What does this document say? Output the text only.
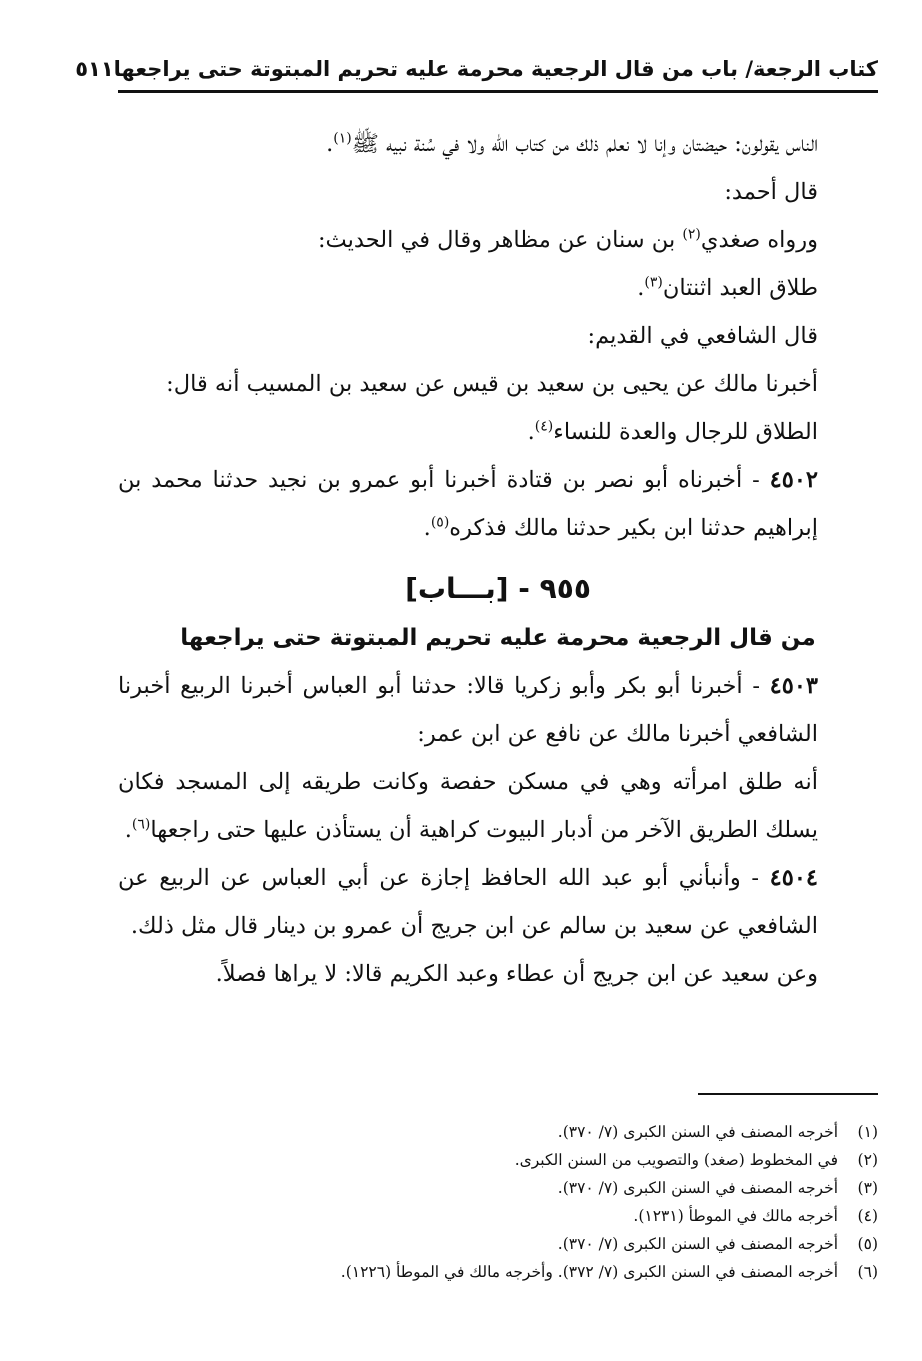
كتاب الرجعة/ باب من قال الرجعية محرمة عليه تحريم المبتوتة حتى يراجعها
٥١١

الناس يقولون: حيضتان وإنا لا نعلم ذلك من كتاب الله ولا في سُنة نبيه ﷺ$^{(١)}$.

قال أحمد:

ورواه صغدي$^{(٢)}$ بن سنان عن مظاهر وقال في الحديث:

طلاق العبد اثنتان$^{(٣)}$.

قال الشافعي في القديم:

أخبرنا مالك عن يحيى بن سعيد بن قيس عن سعيد بن المسيب أنه قال:

الطلاق للرجال والعدة للنساء$^{(٤)}$.

٤٥٠٢ - أخبرناه أبو نصر بن قتادة أخبرنا أبو عمرو بن نجيد حدثنا محمد بن إبراهيم حدثنا ابن بكير حدثنا مالك فذكره$^{(٥)}$.

٩٥٥ - [بـــاب]
من قال الرجعية محرمة عليه تحريم المبتوتة حتى يراجعها

٤٥٠٣ - أخبرنا أبو بكر وأبو زكريا قالا: حدثنا أبو العباس أخبرنا الربيع أخبرنا الشافعي أخبرنا مالك عن نافع عن ابن عمر:

أنه طلق امرأته وهي في مسكن حفصة وكانت طريقه إلى المسجد فكان يسلك الطريق الآخر من أدبار البيوت كراهية أن يستأذن عليها حتى راجعها$^{(٦)}$.

٤٥٠٤ - وأنبأني أبو عبد الله الحافظ إجازة عن أبي العباس عن الربيع عن الشافعي عن سعيد بن سالم عن ابن جريج أن عمرو بن دينار قال مثل ذلك.

وعن سعيد عن ابن جريج أن عطاء وعبد الكريم قالا: لا يراها فصلاً.

(١)
أخرجه المصنف في السنن الكبرى (٧/ ٣٧٠).
(٢)
في المخطوط (صغد) والتصويب من السنن الكبرى.
(٣)
أخرجه المصنف في السنن الكبرى (٧/ ٣٧٠).
(٤)
أخرجه مالك في الموطأ (١٢٣١).
(٥)
أخرجه المصنف في السنن الكبرى (٧/ ٣٧٠).
(٦)
أخرجه المصنف في السنن الكبرى (٧/ ٣٧٢). وأخرجه مالك في الموطأ (١٢٢٦).
